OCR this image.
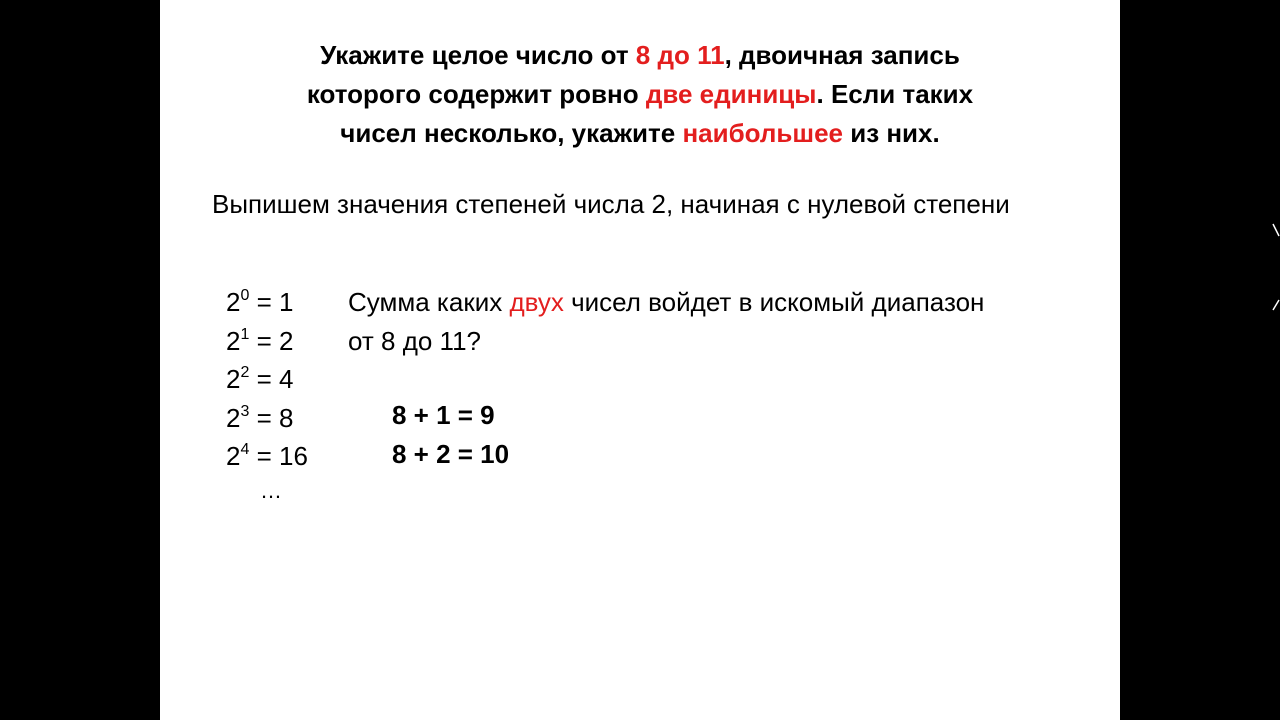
Укажите целое число от 8 до 11, двоичная запись
которого содержит ровно две единицы. Если таких
чисел несколько, укажите наибольшее из них.
Выпишем значения степеней числа 2, начиная с нулевой степени
$2^0 = 1$
$2^1 = 2$
$2^2 = 4$
$2^3 = 8$
$2^4 = 16$
…
Сумма каких двух чисел войдет в искомый диапазон
от 8 до 11?
8 + 1 = 9
8 + 2 = 10
